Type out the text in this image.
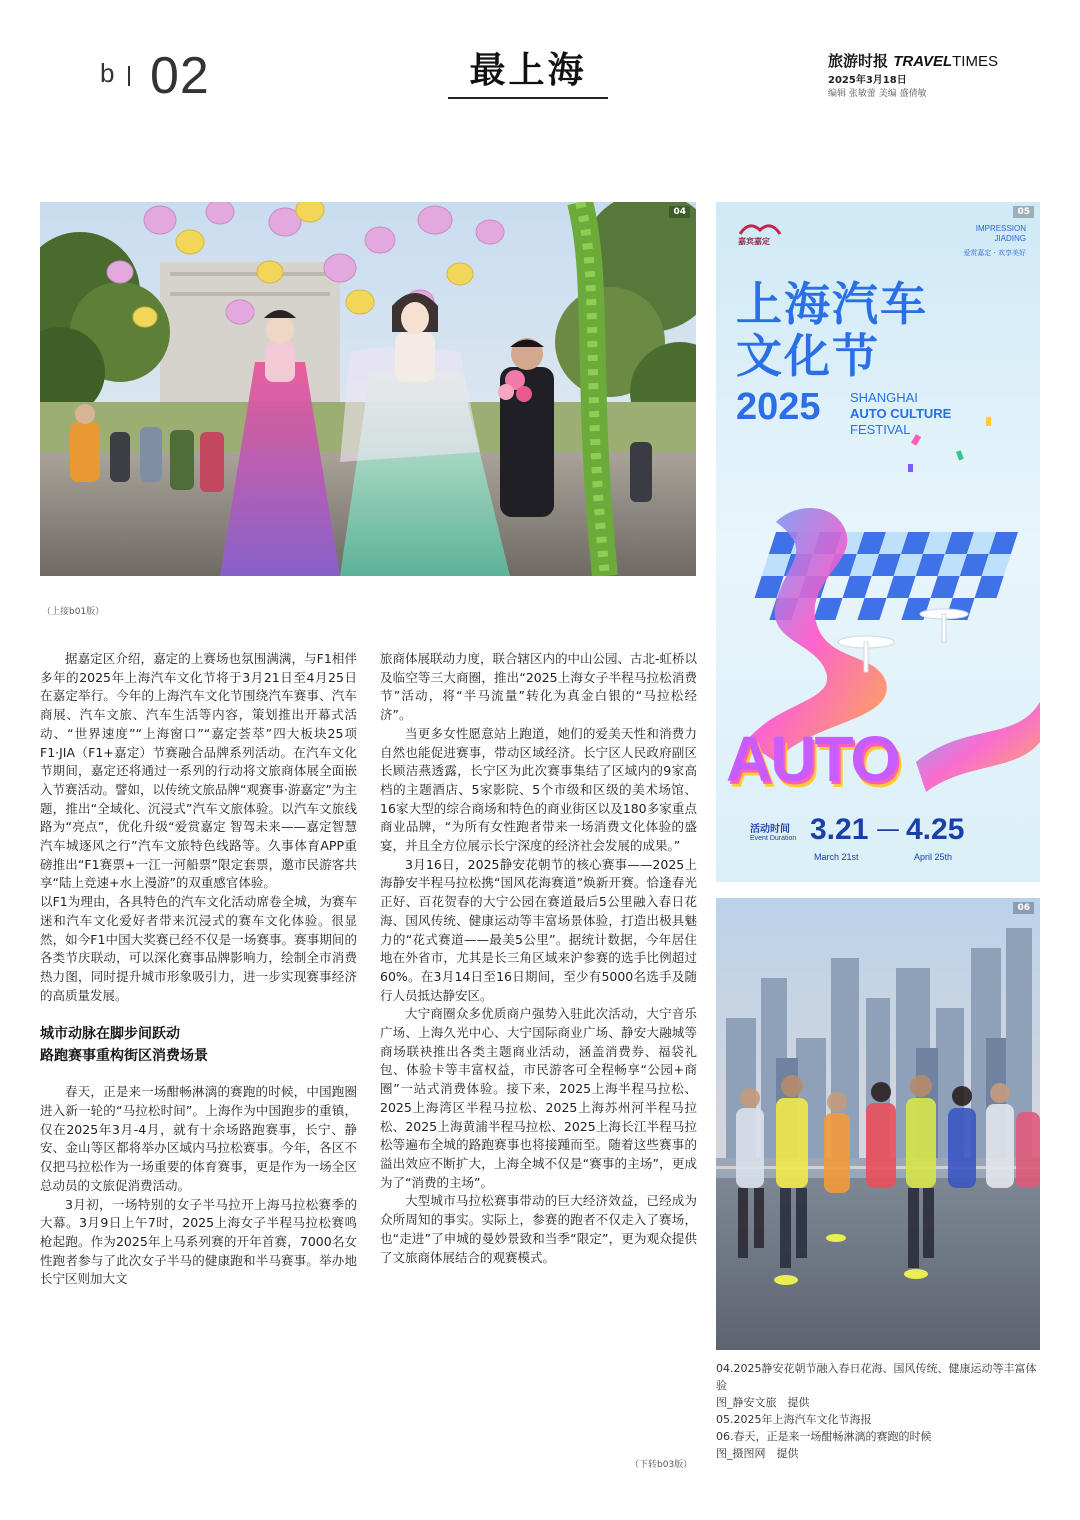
b 02	最上海	旅游时报 TRAVELTIMES
2025年3月18日
编辑 张敏蕾 美编 盛倩敏
04	05
嘉宾嘉定
IMPRESSION
JIADING
爱赏嘉定 · 欢享美好
上海汽车
文化节
2025 SHANGHAI
AUTO CULTURE
FESTIVAL
AUTO
活动时间
Event Duration 3.21 — 4.25
March 21st	April 25th
06
（上接b01版）

据嘉定区介绍，嘉定的上赛场也氛围满满，与F1相伴多年的2025年上海汽车文化节将于3月21日至4月25日在嘉定举行。今年的上海汽车文化节围绕汽车赛事、汽车商展、汽车文旅、汽车生活等内容，策划推出开幕式活动、“世界速度”“上海窗口”“嘉定荟萃”四大板块25项F1·JIA（F1+嘉定）节赛融合品牌系列活动。在汽车文化节期间，嘉定还将通过一系列的行动将文旅商体展全面嵌入节赛活动。譬如，以传统文旅品牌“观赛事·游嘉定”为主题，推出“全域化、沉浸式”汽车文旅体验。以汽车文旅线路为“亮点”，优化升级“爱赏嘉定 智驾未来——嘉定智慧汽车城逐风之行”汽车文旅特色线路等。久事体育APP重磅推出“F1赛票+一江一河船票”限定套票，邀市民游客共享“陆上竞速+水上漫游”的双重感官体验。

以F1为理由，各具特色的汽车文化活动席卷全城，为赛车迷和汽车文化爱好者带来沉浸式的赛车文化体验。很显然，如今F1中国大奖赛已经不仅是一场赛事。赛事期间的各类节庆联动，可以深化赛事品牌影响力，绘制全市消费热力图，同时提升城市形象吸引力，进一步实现赛事经济的高质量发展。

城市动脉在脚步间跃动
路跑赛事重构街区消费场景

春天，正是来一场酣畅淋漓的赛跑的时候，中国跑圈进入新一轮的“马拉松时间”。上海作为中国跑步的重镇，仅在2025年3月-4月，就有十余场路跑赛事，长宁、静安、金山等区都将举办区域内马拉松赛事。今年，各区不仅把马拉松作为一场重要的体育赛事，更是作为一场全区总动员的文旅促消费活动。

3月初，一场特别的女子半马拉开上海马拉松赛季的大幕。3月9日上午7时，2025上海女子半程马拉松赛鸣枪起跑。作为2025年上马系列赛的开年首赛，7000名女性跑者参与了此次女子半马的健康跑和半马赛事。举办地长宁区则加大文

旅商体展联动力度，联合辖区内的中山公园、古北-虹桥以及临空等三大商圈，推出“2025上海女子半程马拉松消费节”活动，将“半马流量”转化为真金白银的“马拉松经济”。

当更多女性愿意站上跑道，她们的爱美天性和消费力自然也能促进赛事，带动区域经济。长宁区人民政府副区长顾洁燕透露，长宁区为此次赛事集结了区域内的9家高档的主题酒店、5家影院、5个市级和区级的美术场馆、16家大型的综合商场和特色的商业街区以及180多家重点商业品牌，“为所有女性跑者带来一场消费文化体验的盛宴，并且全方位展示长宁深度的经济社会发展的成果。”

3月16日，2025静安花朝节的核心赛事——2025上海静安半程马拉松携“国风花海赛道”焕新开赛。恰逢春光正好、百花贺春的大宁公园在赛道最后5公里融入春日花海、国风传统、健康运动等丰富场景体验，打造出极具魅力的“花式赛道——最美5公里”。据统计数据，今年居住地在外省市，尤其是长三角区域来沪参赛的选手比例超过60%。在3月14日至16日期间，至少有5000名选手及随行人员抵达静安区。

大宁商圈众多优质商户强势入驻此次活动，大宁音乐广场、上海久光中心、大宁国际商业广场、静安大融城等商场联袂推出各类主题商业活动，涵盖消费券、福袋礼包、体验卡等丰富权益，市民游客可全程畅享“公园+商圈”一站式消费体验。接下来，2025上海半程马拉松、2025上海湾区半程马拉松、2025上海苏州河半程马拉松、2025上海黄浦半程马拉松、2025上海长江半程马拉松等遍布全城的路跑赛事也将接踵而至。随着这些赛事的溢出效应不断扩大，上海全城不仅是“赛事的主场”，更成为了“消费的主场”。

大型城市马拉松赛事带动的巨大经济效益，已经成为众所周知的事实。实际上，参赛的跑者不仅走入了赛场，也“走进”了申城的曼妙景致和当季“限定”，更为观众提供了文旅商体展结合的观赛模式。

（下转b03版）
04.2025静安花朝节融入春日花海、国风传统、健康运动等丰富体验
图_静安文旅　提供
05.2025年上海汽车文化节海报
06.春天，正是来一场酣畅淋漓的赛跑的时候
图_摄图网　提供
